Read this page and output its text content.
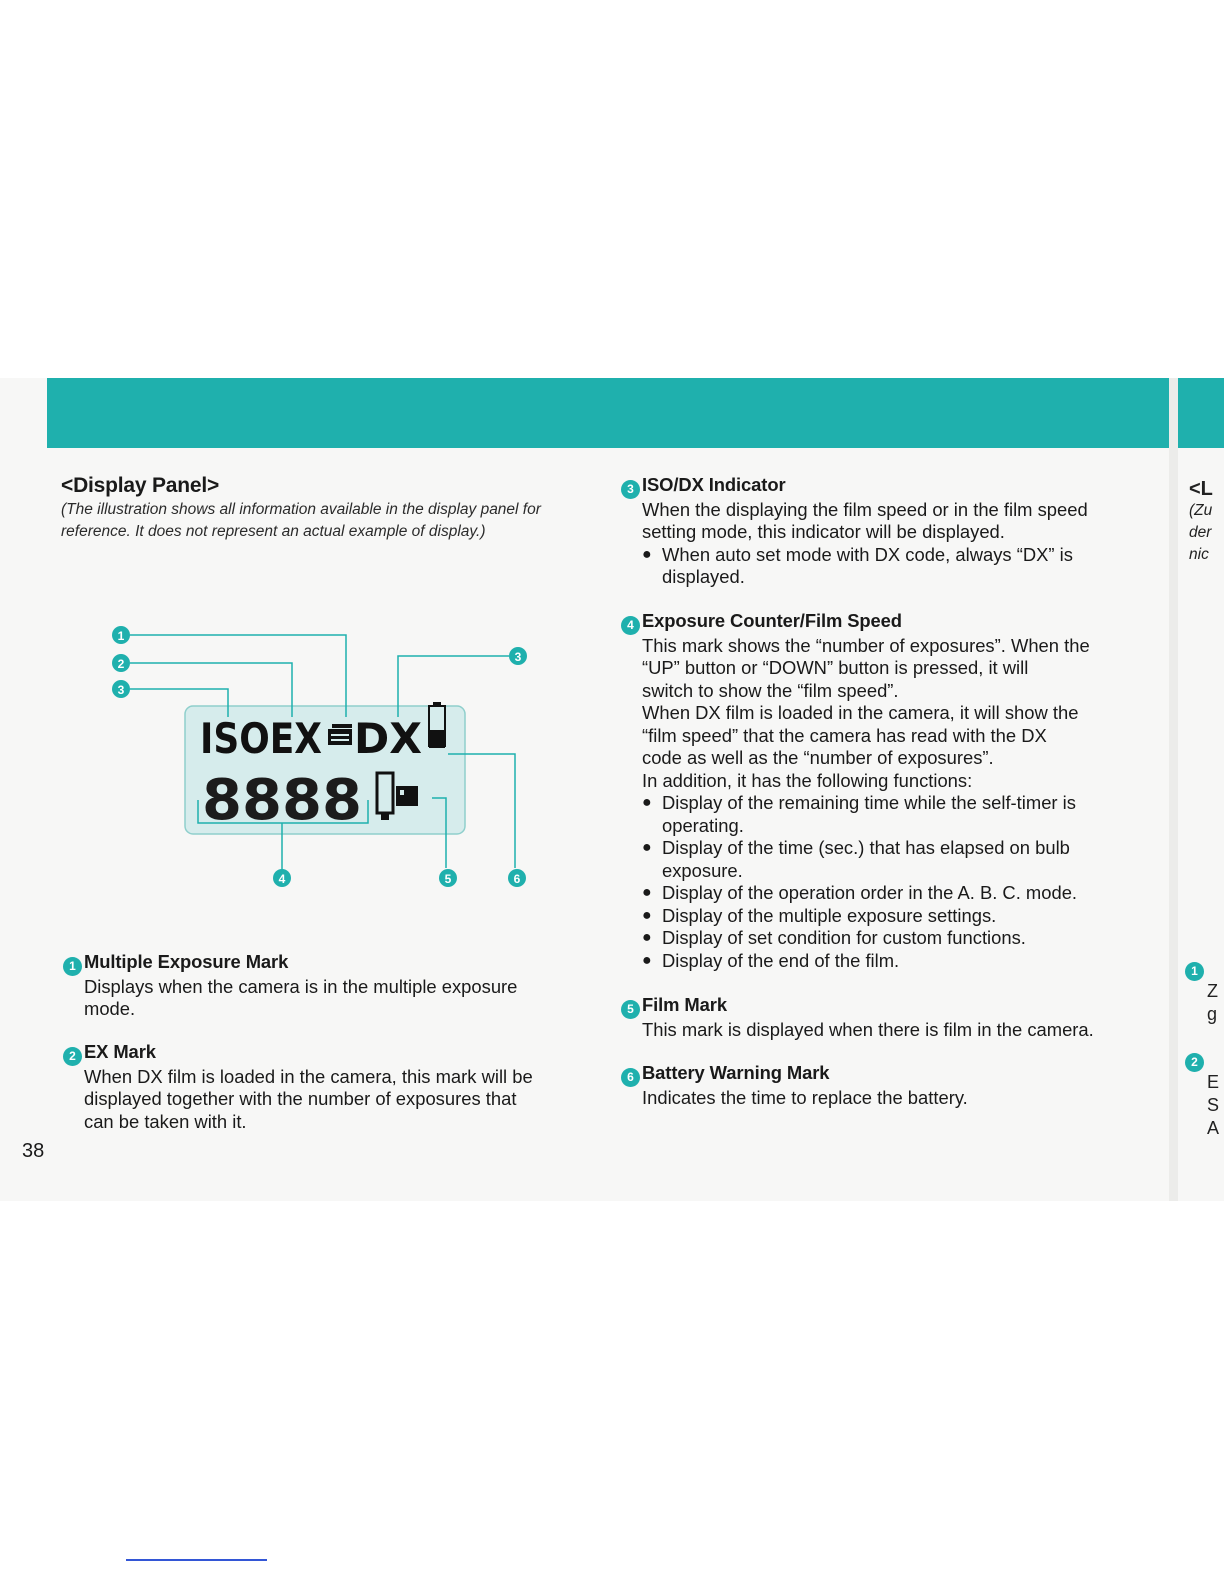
<Display Panel>
(The illustration shows all information available in the display panel for reference. It does not represent an actual example of display.)
ISOEX DX
8888
1
2
3
3
4	5	6
1 Multiple Exposure Mark
Displays when the camera is in the multiple exposure
mode.
2 EX Mark
When DX film is loaded in the camera, this mark will be
displayed together with the number of exposures that
can be taken with it.
38
3 ISO/DX Indicator
When the displaying the film speed or in the film speed
setting mode, this indicator will be displayed.
● When auto set mode with DX code, always “DX” is
displayed.
4 Exposure Counter/Film Speed
This mark shows the “number of exposures”. When the
“UP” button or “DOWN” button is pressed, it will
switch to show the “film speed”.
When DX film is loaded in the camera, it will show the
“film speed” that the camera has read with the DX
code as well as the “number of exposures”.
In addition, it has the following functions:
● Display of the remaining time while the self-timer is
operating.
● Display of the time (sec.) that has elapsed on bulb
exposure.
● Display of the operation order in the A. B. C. mode.
● Display of the multiple exposure settings.
● Display of set condition for custom functions.
● Display of the end of the film.
5 Film Mark
This mark is displayed when there is film in the camera.
6 Battery Warning Mark
Indicates the time to replace the battery.
<L
(Zu
der
nic
1
Z
g
2
E
S
A
